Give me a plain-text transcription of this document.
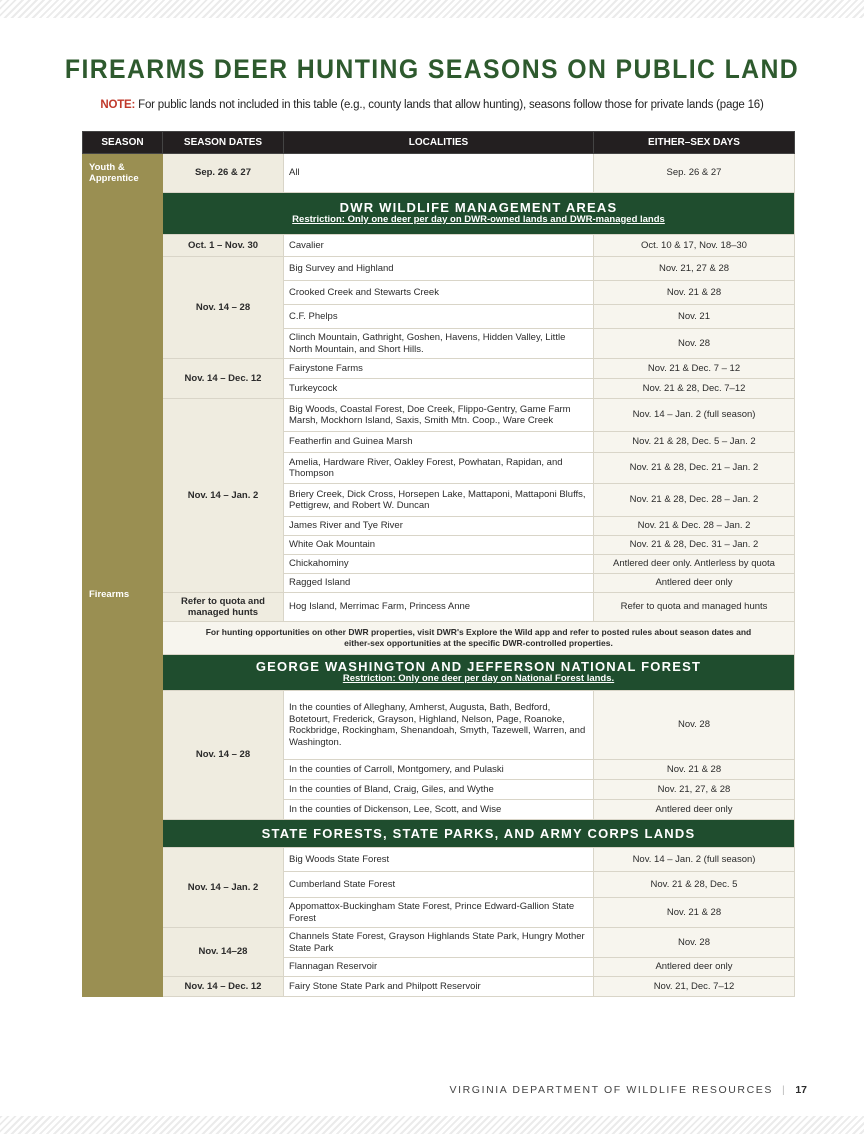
FIREARMS DEER HUNTING SEASONS ON PUBLIC LAND
NOTE: For public lands not included in this table (e.g., county lands that allow hunting), seasons follow those for private lands (page 16)
SEASON	SEASON DATES	LOCALITIES	EITHER–SEX DAYS
Youth & Apprentice	Sep. 26 & 27	All	Sep. 26 & 27
Firearms	DWR WILDLIFE MANAGEMENT AREAS
Restriction: Only one deer per day on DWR-owned lands and DWR-managed lands		

	Oct. 1 – Nov. 30	Cavalier	Oct. 10 & 17, Nov. 18–30
	Nov. 14 – 28	Big Survey and Highland	Nov. 21, 27 & 28
		Crooked Creek and Stewarts Creek	Nov. 21 & 28
		C.F. Phelps	Nov. 21
		Clinch Mountain, Gathright, Goshen, Havens, Hidden Valley, Little North Mountain, and Short Hills.	Nov. 28
	Nov. 14 – Dec. 12	Fairystone Farms	Nov. 21 & Dec. 7 – 12
		Turkeycock	Nov. 21 & 28, Dec. 7–12
	Nov. 14 – Jan. 2	Big Woods, Coastal Forest, Doe Creek, Flippo-Gentry, Game Farm Marsh, Mockhorn Island, Saxis, Smith Mtn. Coop., Ware Creek	Nov. 14 – Jan. 2 (full season)
		Featherfin and Guinea Marsh	Nov. 21 & 28, Dec. 5 – Jan. 2
		Amelia, Hardware River, Oakley Forest, Powhatan, Rapidan, and Thompson	Nov. 21 & 28, Dec. 21 – Jan. 2
		Briery Creek, Dick Cross, Horsepen Lake, Mattaponi, Mattaponi Bluffs, Pettigrew, and Robert W. Duncan	Nov. 21 & 28, Dec. 28 – Jan. 2
		James River and Tye River	Nov. 21 & Dec. 28 – Jan. 2
		White Oak Mountain	Nov. 21 & 28, Dec. 31 – Jan. 2
		Chickahominy	Antlered deer only. Antlerless by quota
		Ragged Island	Antlered deer only
	Refer to quota and managed hunts	Hog Island, Merrimac Farm, Princess Anne	Refer to quota and managed hunts
	For hunting opportunities on other DWR properties, visit DWR's Explore the Wild app and refer to posted rules about season dates and either-sex opportunities at the specific DWR-controlled properties.		

	GEORGE WASHINGTON AND JEFFERSON NATIONAL FOREST
Restriction: Only one deer per day on National Forest lands.		

	Nov. 14 – 28	In the counties of Alleghany, Amherst, Augusta, Bath, Bedford, Botetourt, Frederick, Grayson, Highland, Nelson, Page, Roanoke, Rockbridge, Rockingham, Shenandoah, Smyth, Tazewell, Warren, and Washington.	Nov. 28
		In the counties of Carroll, Montgomery, and Pulaski	Nov. 21 & 28
		In the counties of Bland, Craig, Giles, and Wythe	Nov. 21, 27, & 28
		In the counties of Dickenson, Lee, Scott, and Wise	Antlered deer only

	STATE FORESTS, STATE PARKS, AND ARMY CORPS LANDS		

	Nov. 14 – Jan. 2	Big Woods State Forest	Nov. 14 – Jan. 2 (full season)
		Cumberland State Forest	Nov. 21 & 28, Dec. 5
		Appomattox-Buckingham State Forest, Prince Edward-Gallion State Forest	Nov. 21 & 28
	Nov. 14–28	Channels State Forest, Grayson Highlands State Park, Hungry Mother State Park	Nov. 28
		Flannagan Reservoir	Antlered deer only
	Nov. 14 – Dec. 12	Fairy Stone State Park and Philpott Reservoir	Nov. 21, Dec. 7–12
VIRGINIA DEPARTMENT OF WILDLIFE RESOURCES | 17
